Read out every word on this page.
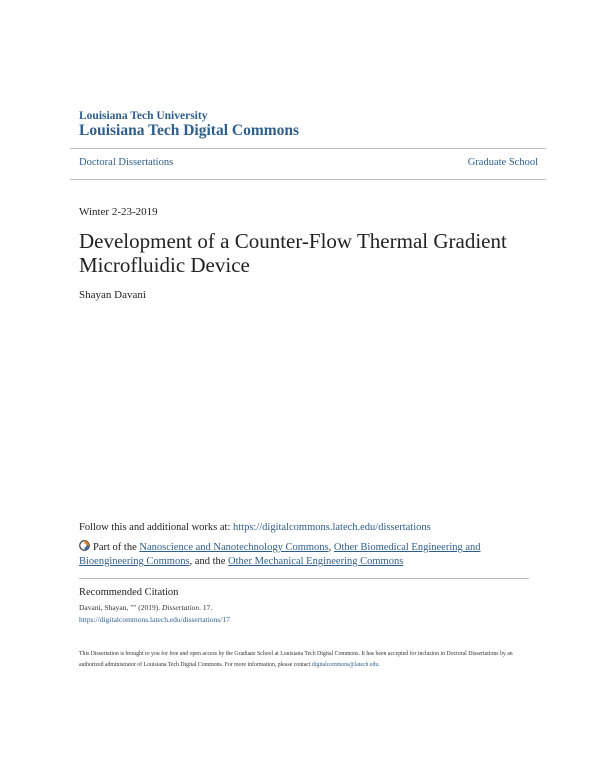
Louisiana Tech University
Louisiana Tech Digital Commons
Doctoral Dissertations	Graduate School
Winter 2-23-2019
Development of a Counter-Flow Thermal Gradient
Microfluidic Device
Shayan Davani
Follow this and additional works at: https://digitalcommons.latech.edu/dissertations
Part of the Nanoscience and Nanotechnology Commons, Other Biomedical Engineering and Bioengineering Commons, and the Other Mechanical Engineering Commons
Recommended Citation
Davani, Shayan, "" (2019). Dissertation. 17.
https://digitalcommons.latech.edu/dissertations/17
This Dissertation is brought to you for free and open access by the Graduate School at Louisiana Tech Digital Commons. It has been accepted for inclusion in Doctoral Dissertations by an authorized administrator of Louisiana Tech Digital Commons. For more information, please contact digitalcommons@latech.edu.
